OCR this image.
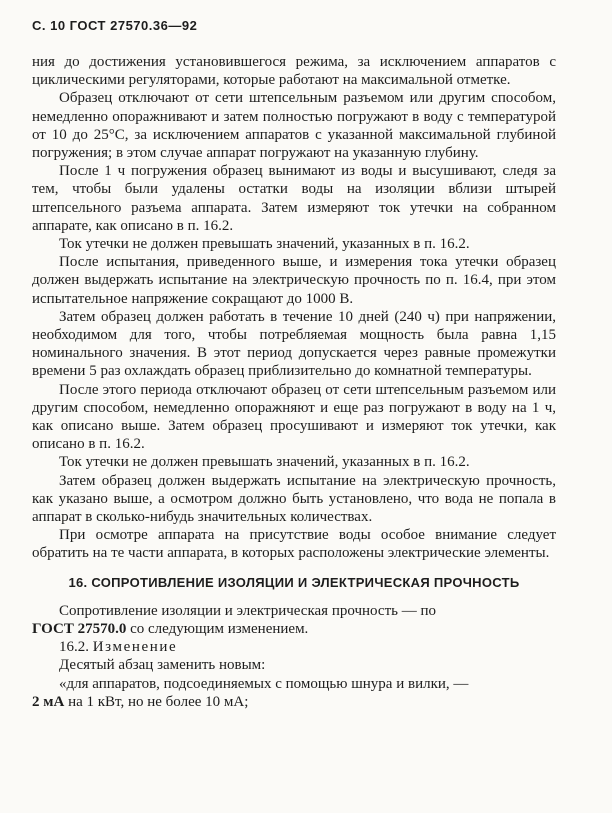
С. 10 ГОСТ 27570.36—92

ния до достижения установившегося режима, за исключением аппаратов с циклическими регуляторами, которые работают на максимальной отметке.

Образец отключают от сети штепсельным разъемом или другим способом, немедленно опоражнивают и затем полностью погружают в воду с температурой от 10 до 25°С, за исключением аппаратов с указанной максимальной глубиной погружения; в этом случае аппарат погружают на указанную глубину.

После 1 ч погружения образец вынимают из воды и высушивают, следя за тем, чтобы были удалены остатки воды на изоляции вблизи штырей штепсельного разъема аппарата. Затем измеряют ток утечки на собранном аппарате, как описано в п. 16.2.

Ток утечки не должен превышать значений, указанных в п. 16.2.

После испытания, приведенного выше, и измерения тока утечки образец должен выдержать испытание на электрическую прочность по п. 16.4, при этом испытательное напряжение сокращают до 1000 В.

Затем образец должен работать в течение 10 дней (240 ч) при напряжении, необходимом для того, чтобы потребляемая мощность была равна 1,15 номинального значения. В этот период допускается через равные промежутки времени 5 раз охлаждать образец приблизительно до комнатной температуры.

После этого периода отключают образец от сети штепсельным разъемом или другим способом, немедленно опоражняют и еще раз погружают в воду на 1 ч, как описано выше. Затем образец просушивают и измеряют ток утечки, как описано в п. 16.2.

Ток утечки не должен превышать значений, указанных в п. 16.2.

Затем образец должен выдержать испытание на электрическую прочность, как указано выше, а осмотром должно быть установлено, что вода не попала в аппарат в сколько-нибудь значительных количествах.

При осмотре аппарата на присутствие воды особое внимание следует обратить на те части аппарата, в которых расположены электрические элементы.

16. СОПРОТИВЛЕНИЕ ИЗОЛЯЦИИ И ЭЛЕКТРИЧЕСКАЯ ПРОЧНОСТЬ

Сопротивление изоляции и электрическая прочность — по
ГОСТ 27570.0 со следующим изменением.

16.2. Изменение

Десятый абзац заменить новым:

«для аппаратов, подсоединяемых с помощью шнура и вилки, —
2 мА на 1 кВт, но не более 10 мА;
